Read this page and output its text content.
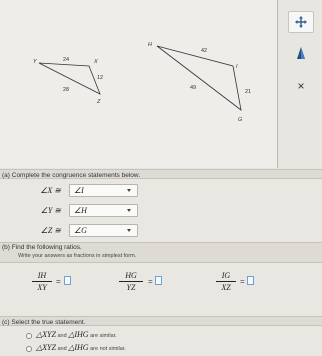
Y	X
Z
24
12
28
H
I
G
42
49
21	×
(a) Complete the congruence statements below.
∠X ≅ ∠I
∠Y ≅ ∠H
∠Z ≅ ∠G
(b) Find the following ratios.
Write your answers as fractions in simplest form.
$\frac{IH}{XY}$ =	$\frac{HG}{YZ}$ =	$\frac{IG}{XZ}$ =
(c) Select the true statement.
△XYZ and △IHG are similar.
△XYZ and △IHG are not similar.
